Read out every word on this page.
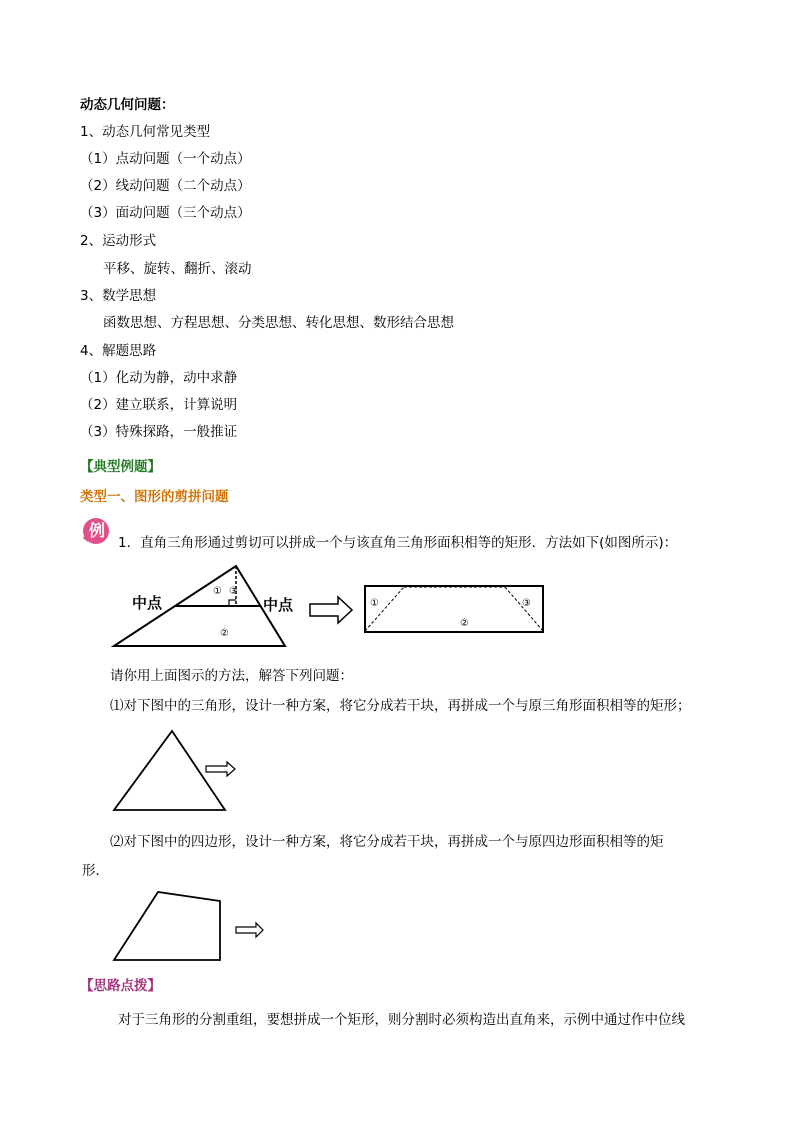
动态几何问题：
1、动态几何常见类型
（1）点动问题（一个动点）
（2）线动问题（二个动点）
（3）面动问题（三个动点）
2、运动形式
平移、旋转、翻折、滚动
3、数学思想
函数思想、方程思想、分类思想、转化思想、数形结合思想
4、解题思路
（1）化动为静，动中求静
（2）建立联系，计算说明
（3）特殊探路，一般推证
【典型例题】
类型一、图形的剪拼问题
例
1．直角三角形通过剪切可以拼成一个与该直角三角形面积相等的矩形．方法如下(如图所示)：
中点	中点
① ③
②
①	③
②
请你用上面图示的方法，解答下列问题：
⑴对下图中的三角形，设计一种方案，将它分成若干块，再拼成一个与原三角形面积相等的矩形；
⑵对下图中的四边形，设计一种方案，将它分成若干块，再拼成一个与原四边形面积相等的矩
形．
【思路点拨】
对于三角形的分割重组，要想拼成一个矩形，则分割时必须构造出直角来，示例中通过作中位线
